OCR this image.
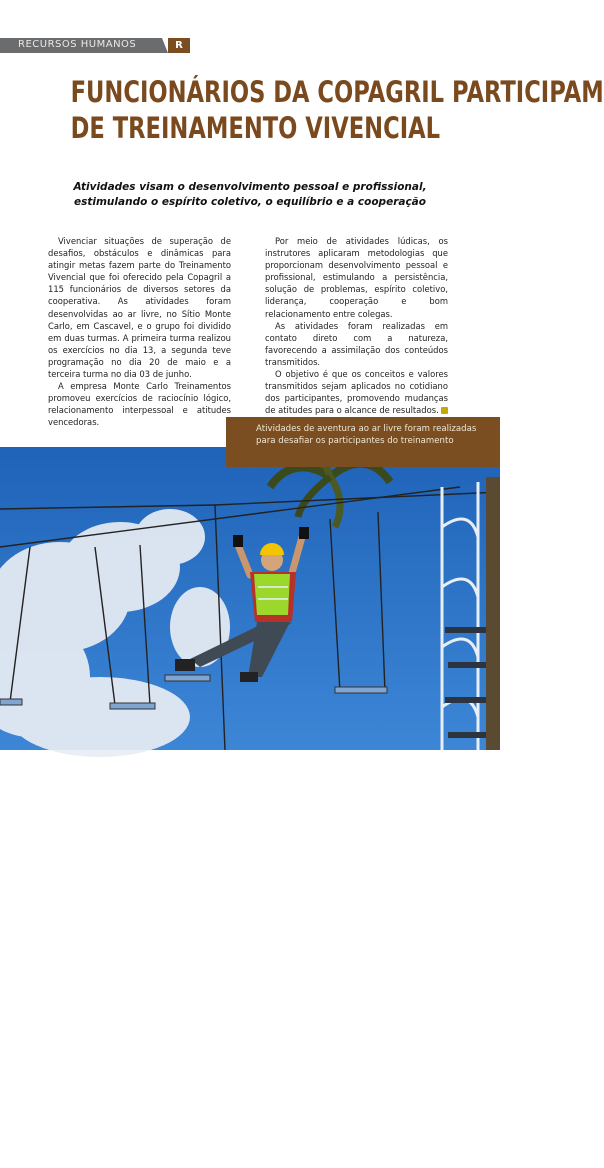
RECURSOS HUMANOS	R
FUNCIONÁRIOS DA COPAGRIL PARTICIPAM
DE TREINAMENTO VIVENCIAL
Atividades visam o desenvolvimento pessoal e profissional, estimulando o espírito coletivo, o equilíbrio e a cooperação

Vivenciar situações de superação de desafios, obstáculos e dinâmicas para atingir metas fazem parte do Treinamento Vivencial que foi oferecido pela Copagril a 115 funcionários de diversos setores da cooperativa. As atividades foram desenvolvidas ao ar livre, no Sítio Monte Carlo, em Cascavel, e o grupo foi dividido em duas turmas. A primeira turma realizou os exercícios no dia 13, a segunda teve programação no dia 20 de maio e a terceira turma no dia 03 de junho.

A empresa Monte Carlo Treinamentos promoveu exercícios de raciocínio lógico, relacionamento interpessoal e atitudes vencedoras.

Por meio de atividades lúdicas, os instrutores aplicaram metodologias que proporcionam desenvolvimento pessoal e profissional, estimulando a persistência, solução de problemas, espírito coletivo, liderança, cooperação e bom relacionamento entre colegas.

As atividades foram realizadas em contato direto com a natureza, favorecendo a assimilação dos conteúdos transmitidos.

O objetivo é que os conceitos e valores transmitidos sejam aplicados no cotidiano dos participantes, promovendo mudanças de atitudes para o alcance de resultados.

JORNAL COPAGRIL - EDIÇÃO 115 - JUNHO/JULHO 2011
Atividades de aventura ao ar livre foram realizadas para desafiar os participantes do treinamento
